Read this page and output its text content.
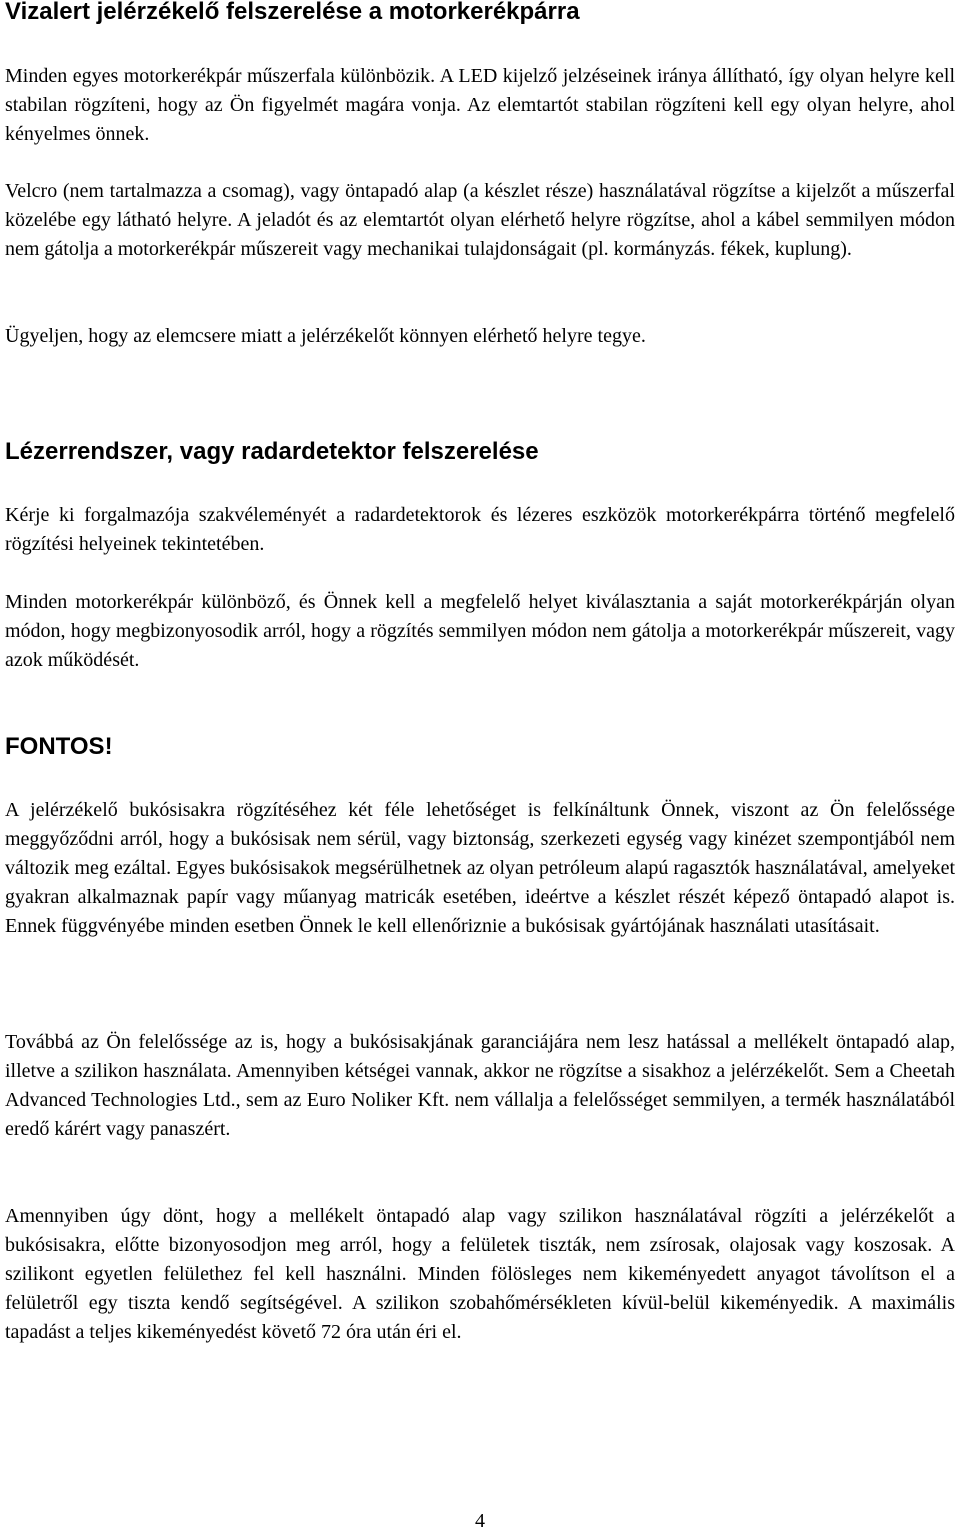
Vizalert jelérzékelő felszerelése a motorkerékpárra

Minden egyes motorkerékpár műszerfala különbözik. A LED kijelző jelzéseinek iránya állítható, így olyan helyre kell stabilan rögzíteni, hogy az Ön figyelmét magára vonja. Az elemtartót stabilan rögzíteni kell egy olyan helyre, ahol kényelmes önnek.

Velcro (nem tartalmazza a csomag), vagy öntapadó alap (a készlet része) használatával rögzítse a kijelzőt a műszerfal közelébe egy látható helyre. A jeladót és az elemtartót olyan elérhető helyre rögzítse, ahol a kábel semmilyen módon nem gátolja a motorkerékpár műszereit vagy mechanikai tulajdonságait (pl. kormányzás. fékek, kuplung).

Ügyeljen, hogy az elemcsere miatt a jelérzékelőt könnyen elérhető helyre tegye.

Lézerrendszer, vagy radardetektor felszerelése

Kérje ki forgalmazója szakvéleményét a radardetektorok és lézeres eszközök motorkerékpárra történő megfelelő rögzítési helyeinek tekintetében.

Minden motorkerékpár különböző, és Önnek kell a megfelelő helyet kiválasztania a saját motorkerékpárján olyan módon, hogy megbizonyosodik arról, hogy a rögzítés semmilyen módon nem gátolja a motorkerékpár műszereit, vagy azok működését.

FONTOS!

A jelérzékelő bukósisakra rögzítéséhez két féle lehetőséget is felkínáltunk Önnek, viszont az Ön felelőssége meggyőződni arról, hogy a bukósisak nem sérül, vagy biztonság, szerkezeti egység vagy kinézet szempontjából nem változik meg ezáltal. Egyes bukósisakok megsérülhetnek az olyan petróleum alapú ragasztók használatával, amelyeket gyakran alkalmaznak papír vagy műanyag matricák esetében, ideértve a készlet részét képező öntapadó alapot is. Ennek függvényébe minden esetben Önnek le kell ellenőriznie a bukósisak gyártójának használati utasításait.

Továbbá az Ön felelőssége az is, hogy a bukósisakjának garanciájára nem lesz hatással a mellékelt öntapadó alap, illetve a szilikon használata. Amennyiben kétségei vannak, akkor ne rögzítse a sisakhoz a jelérzékelőt. Sem a Cheetah Advanced Technologies Ltd., sem az Euro Noliker Kft. nem vállalja a felelősséget semmilyen, a termék használatából eredő kárért vagy panaszért.

Amennyiben úgy dönt, hogy a mellékelt öntapadó alap vagy szilikon használatával rögzíti a jelérzékelőt a bukósisakra, előtte bizonyosodjon meg arról, hogy a felületek tiszták, nem zsírosak, olajosak vagy koszosak. A szilikont egyetlen felülethez fel kell használni. Minden fölösleges nem kikeményedett anyagot távolítson el a felületről egy tiszta kendő segítségével. A szilikon szobahőmérsékleten kívül-belül kikeményedik. A maximális tapadást a teljes kikeményedést követő 72 óra után éri el.

4
